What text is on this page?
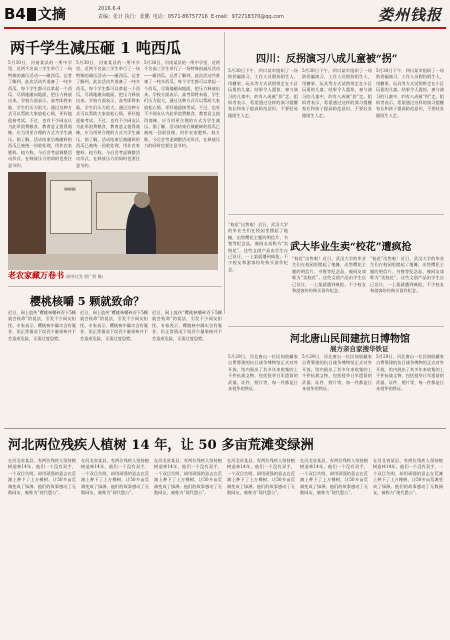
B4 文摘	2016.6.4
责编：张计 执行：张鹏 电话：0571-86757716 E-mail：972718370@qq.com	娄州钱报
两千学生减压砸 1 吨西瓜
5月30日，河南某县的一所中学里，近两千名高三学生举行了一场特殊的减压活动——砸西瓜。记者了解到，此次活动共准备了一吨多西瓜，每个学生都可以拿起一个西瓜，尽情地砸向地面，把压力释放出来。学校方面表示，高考即将来临，学生们压力很大，通过这种方式可以帮助大家放松心情，更好地迎接考试。不过，也有不少网友认为此举浪费粮食，教育意义值得商榷，应当用更合理的方式为学生减压。据了解，活动结束后被砸碎的西瓜已被统一回收处理，用作农家肥料。校方称，今后会考虑调整活动形式，在释放压力的同时也要注意节约。
5月30日，河南某县的一所中学里，近两千名高三学生举行了一场特殊的减压活动——砸西瓜。记者了解到，此次活动共准备了一吨多西瓜，每个学生都可以拿起一个西瓜，尽情地砸向地面，把压力释放出来。学校方面表示，高考即将来临，学生们压力很大，通过这种方式可以帮助大家放松心情，更好地迎接考试。不过，也有不少网友认为此举浪费粮食，教育意义值得商榷，应当用更合理的方式为学生减压。据了解，活动结束后被砸碎的西瓜已被统一回收处理，用作农家肥料。校方称，今后会考虑调整活动形式，在释放压力的同时也要注意节约。
5月30日，河南某县的一所中学里，近两千名高三学生举行了一场特殊的减压活动——砸西瓜。记者了解到，此次活动共准备了一吨多西瓜，每个学生都可以拿起一个西瓜，尽情地砸向地面，把压力释放出来。学校方面表示，高考即将来临，学生们压力很大，通过这种方式可以帮助大家放松心情，更好地迎接考试。不过，也有不少网友认为此举浪费粮食，教育意义值得商榷，应当用更合理的方式为学生减压。据了解，活动结束后被砸碎的西瓜已被统一回收处理，用作农家肥料。校方称，今后会考虑调整活动形式，在释放压力的同时也要注意节约。
▤▤▤
老农家藏万卷书 (新华社发 邢广利 摄)
樱桃核嚼 5 颗就致命？
近日，网上流传“樱桃核嚼碎吞下5颗就会致命”的说法，引发不少网友担忧。专家表示，樱桃核中确实含有氰苷，但正常情况下误吞少量果核并不会造成危险，无需过度恐慌。
近日，网上流传“樱桃核嚼碎吞下5颗就会致命”的说法，引发不少网友担忧。专家表示，樱桃核中确实含有氰苷，但正常情况下误吞少量果核并不会造成危险，无需过度恐慌。
近日，网上流传“樱桃核嚼碎吞下5颗就会致命”的说法，引发不少网友担忧。专家表示，樱桃核中确实含有氰苷，但正常情况下误吞少量果核并不会造成危险，无需过度恐慌。
四川：反拐演习八成儿童被“拐”
5月30日下午，四川某市组织了一场防拐骗演习，工作人员假扮陌生人，用糖果、玩具等方式试图带走在小区玩耍的儿童。结果令人震惊，参与演习的儿童中，约有八成被“拐”走。组织者表示，希望通过这样的演习提醒家长和孩子提高防范意识，不要轻易跟陌生人走。
5月30日下午，四川某市组织了一场防拐骗演习，工作人员假扮陌生人，用糖果、玩具等方式试图带走在小区玩耍的儿童。结果令人震惊，参与演习的儿童中，约有八成被“拐”走。组织者表示，希望通过这样的演习提醒家长和孩子提高防范意识，不要轻易跟陌生人走。
5月30日下午，四川某市组织了一场防拐骗演习，工作人员假扮陌生人，用糖果、玩具等方式试图带走在小区玩耍的儿童。结果令人震惊，参与演习的儿童中，约有八成被“拐”走。组织者表示，希望通过这样的演习提醒家长和孩子提高防范意识，不要轻易跟陌生人走。
武大毕业生卖“校花”遭疯抢
“校花”出售啦！近日，武汉大学的毕业生们在校园里摆起了地摊，出售樱花主题的明信片、书签等纪念品，被网友戏称为“卖校花”。这些文创产品由学生自己设计，一上架就遭到疯抢，不少校友和游客纷纷购买留作纪念。
“校花”出售啦！近日，武汉大学的毕业生们在校园里摆起了地摊，出售樱花主题的明信片、书签等纪念品，被网友戏称为“卖校花”。这些文创产品由学生自己设计，一上架就遭到疯抢，不少校友和游客纷纷购买留作纪念。
“校花”出售啦！近日，武汉大学的毕业生们在校园里摆起了地摊，出售樱花主题的明信片、书签等纪念品，被网友戏称为“卖校花”。这些文创产品由学生自己设计，一上架就遭到疯抢，不少校友和游客纷纷购买留作纪念。
河北唐山民间建抗日博物馆
展方亲自家搜华铁证
5月29日，河北唐山一位民间收藏家自费筹建的抗日战争博物馆正式对外开放。馆内展出了其多年来收集的上千件抗战文物，包括侵华日军遗留的武器、证件、照片等，每一件都是日本侵华的铁证。
5月29日，河北唐山一位民间收藏家自费筹建的抗日战争博物馆正式对外开放。馆内展出了其多年来收集的上千件抗战文物，包括侵华日军遗留的武器、证件、照片等，每一件都是日本侵华的铁证。
5月29日，河北唐山一位民间收藏家自费筹建的抗日战争博物馆正式对外开放。馆内展出了其多年来收集的上千件抗战文物，包括侵华日军遗留的武器、证件、照片等，每一件都是日本侵华的铁证。
河北两位残疾人植树 14 年，让 50 多亩荒滩变绿洲
在河北省某县，有两位残疾人坚持植树造林14年，他们一个没有双手，一个双目失明，却用顽强的意志在荒滩上种下了上万棵树，让50多亩荒滩变成了绿洲。他们的故事感动了无数网友，被称为“现代愚公”。
在河北省某县，有两位残疾人坚持植树造林14年，他们一个没有双手，一个双目失明，却用顽强的意志在荒滩上种下了上万棵树，让50多亩荒滩变成了绿洲。他们的故事感动了无数网友，被称为“现代愚公”。
在河北省某县，有两位残疾人坚持植树造林14年，他们一个没有双手，一个双目失明，却用顽强的意志在荒滩上种下了上万棵树，让50多亩荒滩变成了绿洲。他们的故事感动了无数网友，被称为“现代愚公”。
在河北省某县，有两位残疾人坚持植树造林14年，他们一个没有双手，一个双目失明，却用顽强的意志在荒滩上种下了上万棵树，让50多亩荒滩变成了绿洲。他们的故事感动了无数网友，被称为“现代愚公”。
在河北省某县，有两位残疾人坚持植树造林14年，他们一个没有双手，一个双目失明，却用顽强的意志在荒滩上种下了上万棵树，让50多亩荒滩变成了绿洲。他们的故事感动了无数网友，被称为“现代愚公”。
在河北省某县，有两位残疾人坚持植树造林14年，他们一个没有双手，一个双目失明，却用顽强的意志在荒滩上种下了上万棵树，让50多亩荒滩变成了绿洲。他们的故事感动了无数网友，被称为“现代愚公”。
